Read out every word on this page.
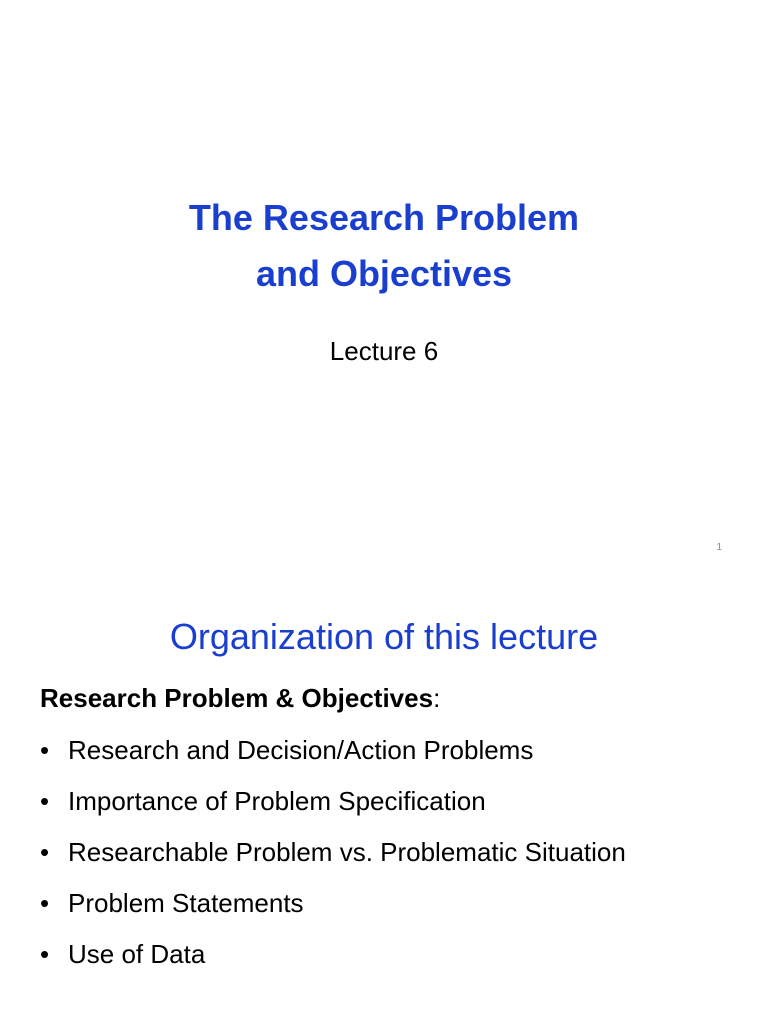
The Research Problem
and Objectives
Lecture 6
1
Organization of this lecture
Research Problem & Objectives:
• Research and Decision/Action Problems
• Importance of Problem Specification
• Researchable Problem vs. Problematic Situation
• Problem Statements
• Use of Data
